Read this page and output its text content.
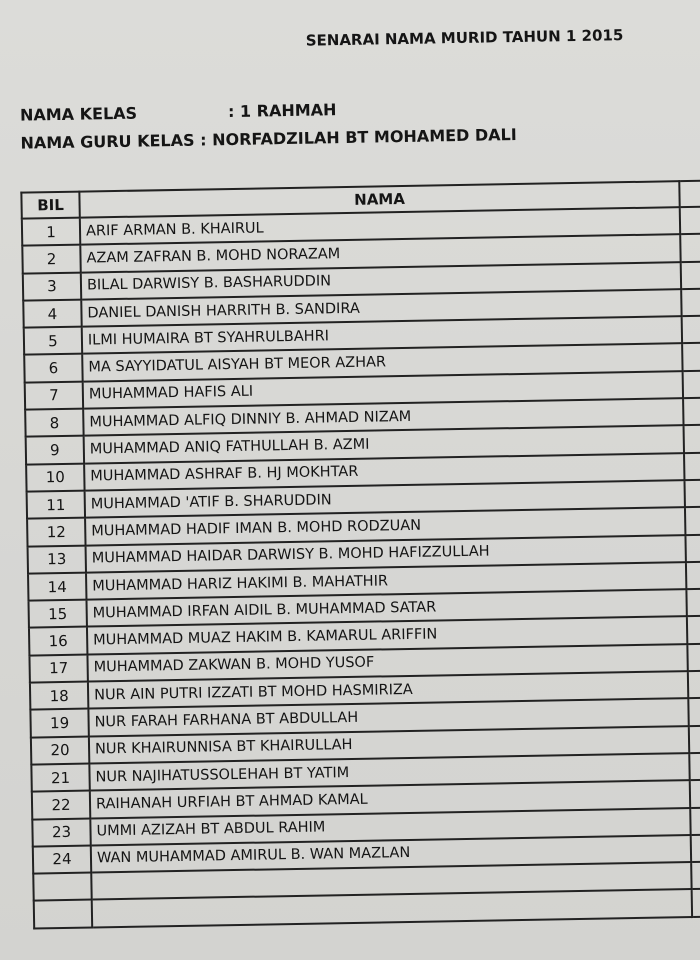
SENARAI NAMA MURID TAHUN 1 2015
NAMA KELAS	: 1 RAHMAH
NAMA GURU KELAS : NORFADZILAH BT MOHAMED DALI
BIL	NAMA	
1	ARIF ARMAN B. KHAIRUL	
2	AZAM ZAFRAN B. MOHD NORAZAM	
3	BILAL DARWISY B. BASHARUDDIN	
4	DANIEL DANISH HARRITH B. SANDIRA	
5	ILMI HUMAIRA BT SYAHRULBAHRI	
6	MA SAYYIDATUL AISYAH BT MEOR AZHAR	
7	MUHAMMAD HAFIS ALI	
8	MUHAMMAD ALFIQ DINNIY B. AHMAD NIZAM	
9	MUHAMMAD ANIQ FATHULLAH B. AZMI	
10	MUHAMMAD ASHRAF B. HJ MOKHTAR	
11	MUHAMMAD 'ATIF B. SHARUDDIN	
12	MUHAMMAD HADIF IMAN B. MOHD RODZUAN	
13	MUHAMMAD HAIDAR DARWISY B. MOHD HAFIZZULLAH	
14	MUHAMMAD HARIZ HAKIMI B. MAHATHIR	
15	MUHAMMAD IRFAN AIDIL B. MUHAMMAD SATAR	
16	MUHAMMAD MUAZ HAKIM B. KAMARUL ARIFFIN	
17	MUHAMMAD ZAKWAN B. MOHD YUSOF	
18	NUR AIN PUTRI IZZATI BT MOHD HASMIRIZA	
19	NUR FARAH FARHANA BT ABDULLAH	
20	NUR KHAIRUNNISA BT KHAIRULLAH	
21	NUR NAJIHATUSSOLEHAH BT YATIM	
22	RAIHANAH URFIAH BT AHMAD KAMAL	
23	UMMI AZIZAH BT ABDUL RAHIM	
24	WAN MUHAMMAD AMIRUL B. WAN MAZLAN	
